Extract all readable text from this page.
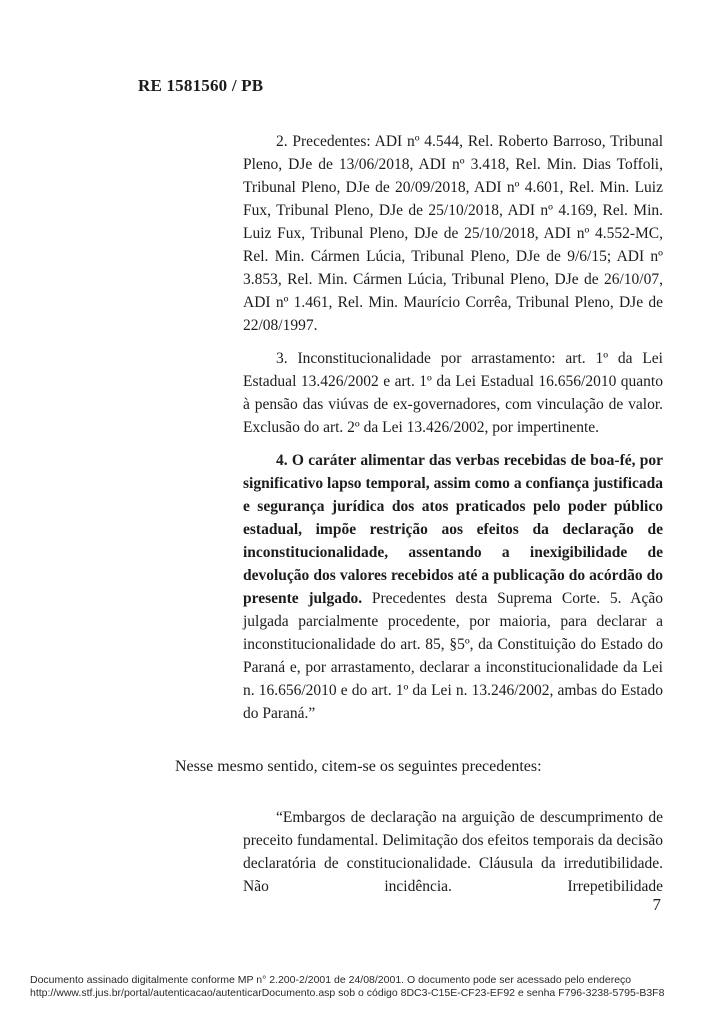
RE 1581560 / PB

2. Precedentes: ADI nº 4.544, Rel. Roberto Barroso, Tribunal Pleno, DJe de 13/06/2018, ADI nº 3.418, Rel. Min. Dias Toffoli, Tribunal Pleno, DJe de 20/09/2018, ADI nº 4.601, Rel. Min. Luiz Fux, Tribunal Pleno, DJe de 25/10/2018, ADI nº 4.169, Rel. Min. Luiz Fux, Tribunal Pleno, DJe de 25/10/2018, ADI nº 4.552-MC, Rel. Min. Cármen Lúcia, Tribunal Pleno, DJe de 9/6/15; ADI nº 3.853, Rel. Min. Cármen Lúcia, Tribunal Pleno, DJe de 26/10/07, ADI nº 1.461, Rel. Min. Maurício Corrêa, Tribunal Pleno, DJe de 22/08/1997.

3. Inconstitucionalidade por arrastamento: art. 1º da Lei Estadual 13.426/2002 e art. 1º da Lei Estadual 16.656/2010 quanto à pensão das viúvas de ex-governadores, com vinculação de valor. Exclusão do art. 2º da Lei 13.426/2002, por impertinente.

4. O caráter alimentar das verbas recebidas de boa-fé, por significativo lapso temporal, assim como a confiança justificada e segurança jurídica dos atos praticados pelo poder público estadual, impõe restrição aos efeitos da declaração de inconstitucionalidade, assentando a inexigibilidade de devolução dos valores recebidos até a publicação do acórdão do presente julgado. Precedentes desta Suprema Corte. 5. Ação julgada parcialmente procedente, por maioria, para declarar a inconstitucionalidade do art. 85, §5º, da Constituição do Estado do Paraná e, por arrastamento, declarar a inconstitucionalidade da Lei n. 16.656/2010 e do art. 1º da Lei n. 13.246/2002, ambas do Estado do Paraná.”

Nesse mesmo sentido, citem-se os seguintes precedentes:

“Embargos de declaração na arguição de descumprimento de preceito fundamental. Delimitação dos efeitos temporais da decisão declaratória de constitucionalidade. Cláusula da irredutibilidade. Não incidência. Irrepetibilidade

7
Documento assinado digitalmente conforme MP n° 2.200-2/2001 de 24/08/2001. O documento pode ser acessado pelo endereço
http://www.stf.jus.br/portal/autenticacao/autenticarDocumento.asp sob o código 8DC3-C15E-CF23-EF92 e senha F796-3238-5795-B3F8
